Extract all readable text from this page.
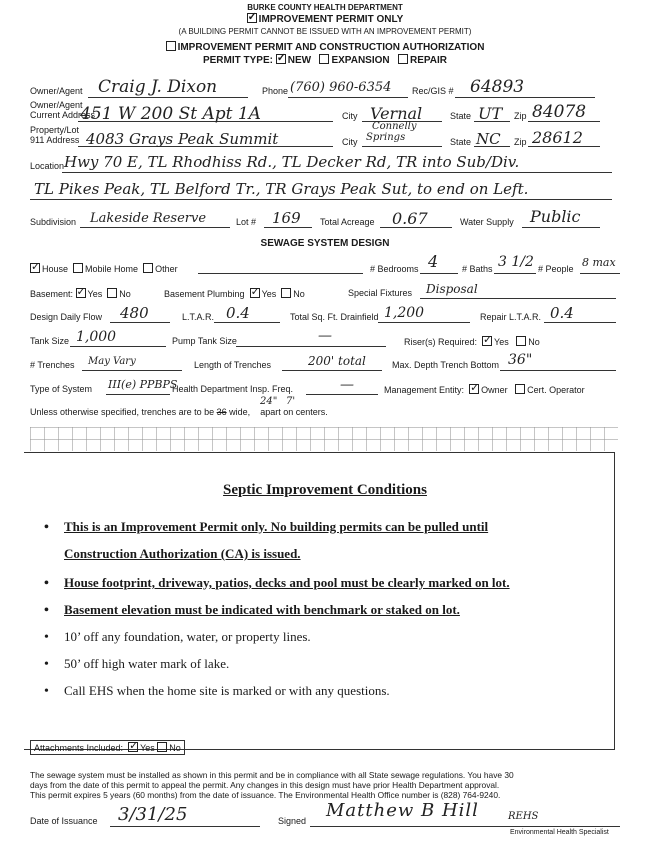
BURKE COUNTY HEALTH DEPARTMENT
✓IMPROVEMENT PERMIT ONLY
(A BUILDING PERMIT CANNOT BE ISSUED WITH AN IMPROVEMENT PERMIT)
IMPROVEMENT PERMIT AND CONSTRUCTION AUTHORIZATION
PERMIT TYPE: ✓ NEW EXPANSION REPAIR
Owner/Agent Craig J. Dixon	Phone (760) 960-6354 Rec/GIS # 64893
Owner/Agent
Current Address
451 W 200 St Apt 1A	City Vernal	State UT Zip 84078
Property/Lot
911 Address 4083 Grays Peak Summit	City
Connelly
Springs	State NC Zip 28612
Location Hwy 70 E, TL Rhodhiss Rd., TL Decker Rd, TR into Sub/Div.
TL Pikes Peak, TL Belford Tr., TR Grays Peak Sut, to end on Left.
Subdivision Lakeside Reserve	Lot # 169 Total Acreage 0.67	Water Supply Public
SEWAGE SYSTEM DESIGN
✓House Mobile Home Other	# Bedrooms 4	# Baths 3 1/2 # People 8 max
Basement: ✓ Yes No	Basement Plumbing ✓ Yes No	Special Fixtures Disposal
Design Daily Flow 480	L.T.A.R. 0.4	Total Sq. Ft. Drainfield 1,200	Repair L.T.A.R. 0.4
Tank Size 1,000	Pump Tank Size	—	Riser(s) Required: ✓ Yes No
# Trenches May Vary	Length of Trenches	200' total	Max. Depth Trench Bottom 36"
Type of System III(e) PPBPS
Health Department Insp. Freq.	—	Management Entity: ✓ Owner Cert. Operator
Unless otherwise specified, trenches are to be 36 wide, apart on centers.
24" 7'
Septic Improvement Conditions
• This is an Improvement Permit only. No building permits can be pulled until
Construction Authorization (CA) is issued.
• House footprint, driveway, patios, decks and pool must be clearly marked on lot.
• Basement elevation must be indicated with benchmark or staked on lot.
• 10’ off any foundation, water, or property lines.
• 50’ off high water mark of lake.
• Call EHS when the home site is marked or with any questions.
Attachments Included: ✓ Yes No
The sewage system must be installed as shown in this permit and be in compliance with all State sewage regulations. You have 30
days from the date of this permit to appeal the permit. Any changes in this design must have prior Health Department approval.
This permit expires 5 years (60 months) from the date of issuance. The Environmental Health Office number is (828) 764-9240.
Date of Issuance 3/31/25	Signed Matthew B Hill	REHS
Environmental Health Specialist
